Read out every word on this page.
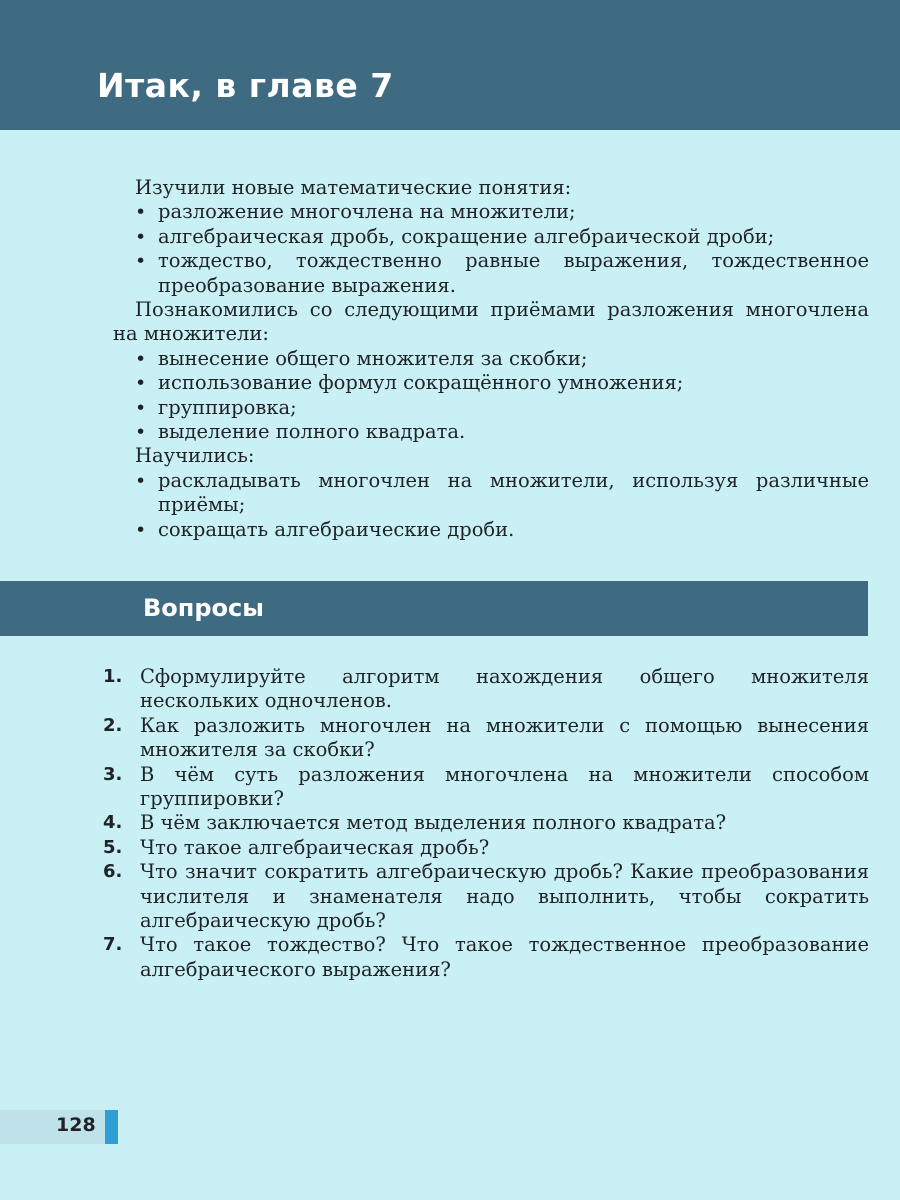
Итак, в главе 7

Изучили новые математические понятия:

• разложение многочлена на множители;
• алгебраическая дробь, сокращение алгебраической дроби;
• тождество, тождественно равные выражения, тождественное преобразование выражения.

Познакомились со следующими приёмами разложения многочлена на множители:

• вынесение общего множителя за скобки;
• использование формул сокращённого умножения;
• группировка;
• выделение полного квадрата.

Научились:

• раскладывать многочлен на множители, используя различные приёмы;
• сокращать алгебраические дроби.
Вопросы
1. Сформулируйте алгоритм нахождения общего множителя нескольких одночленов.
2. Как разложить многочлен на множители с помощью вынесения множителя за скобки?
3. В чём суть разложения многочлена на множители способом группировки?
4. В чём заключается метод выделения полного квадрата?
5. Что такое алгебраическая дробь?
6. Что значит сократить алгебраическую дробь? Какие преобразования числителя и знаменателя надо выполнить, чтобы сократить алгебраическую дробь?
7. Что такое тождество? Что такое тождественное преобразование алгебраического выражения?
128
